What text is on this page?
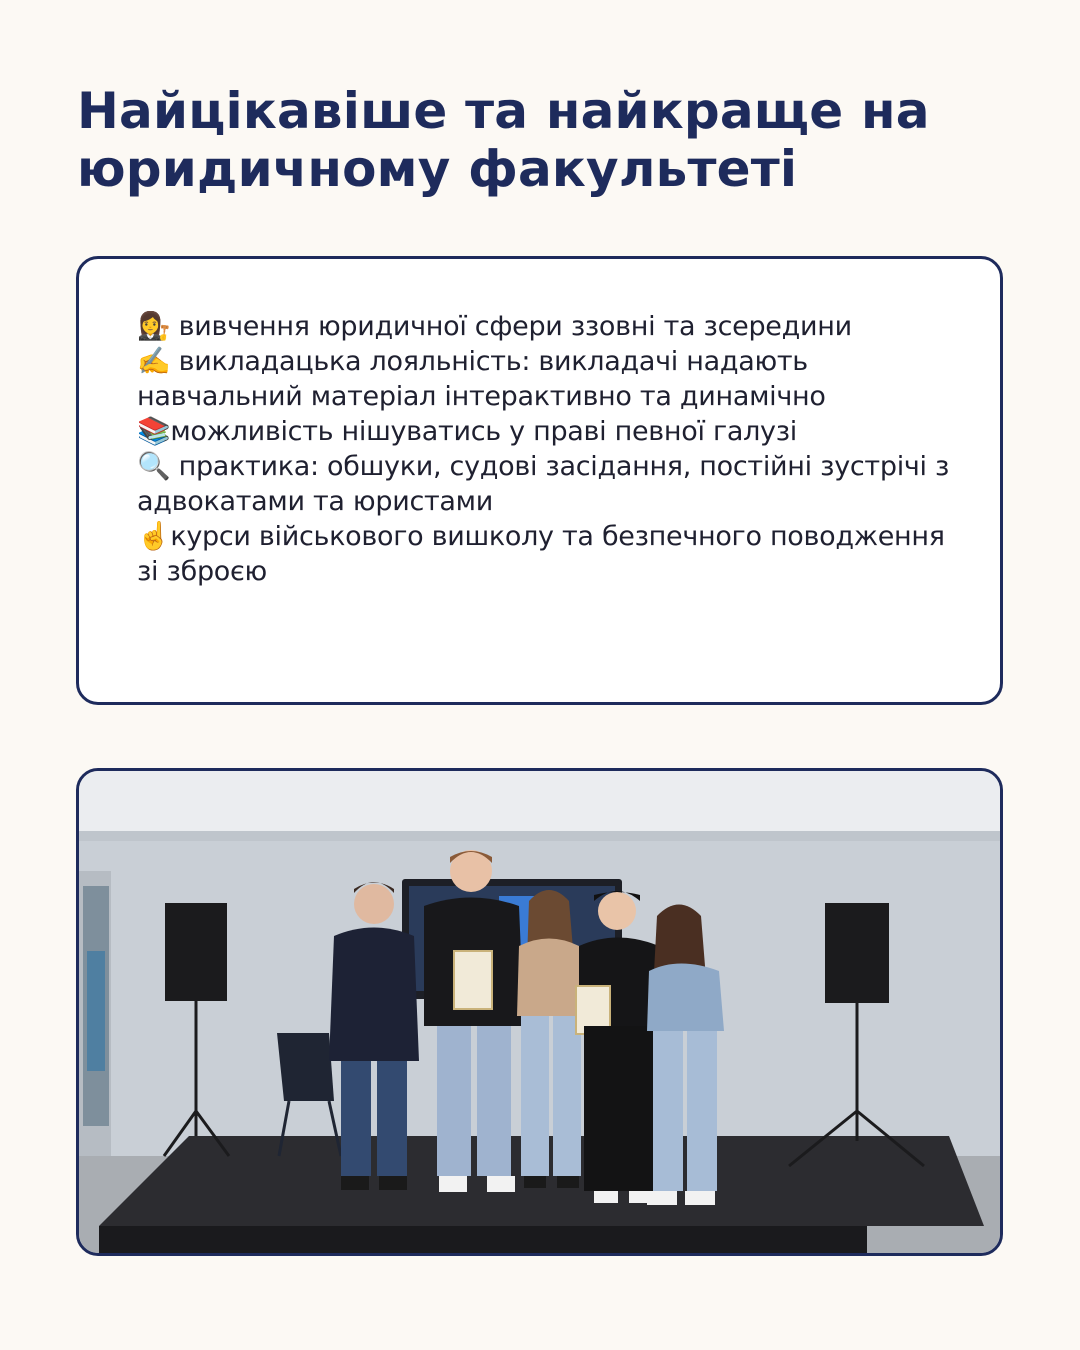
Найцікавіше та найкраще на
юридичному факультеті
👩‍⚖️ вивчення юридичної сфери ззовні та зсередини
✍️ викладацька лояльність: викладачі надають навчальний матеріал інтерактивно та динамічно
📚можливість нішуватись у праві певної галузі
🔍 практика: обшуки, судові засідання, постійні зустрічі з адвокатами та юристами
☝️курси військового вишколу та безпечного поводження зі зброєю
